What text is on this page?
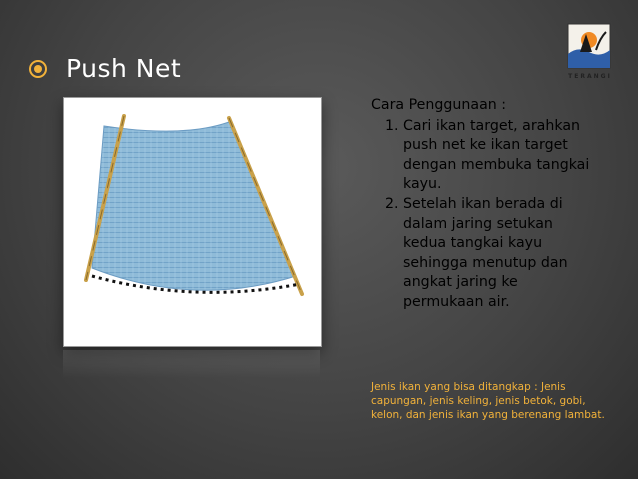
Push Net	TERANGI
Cara Penggunaan :
1. Cari ikan target, arahkan push net ke ikan target dengan membuka tangkai kayu.
2. Setelah ikan berada di dalam jaring setukan kedua tangkai kayu sehingga menutup dan angkat jaring ke permukaan air.
Jenis ikan yang bisa ditangkap : Jenis capungan, jenis keling, jenis betok, gobi, kelon, dan jenis ikan yang berenang lambat.
